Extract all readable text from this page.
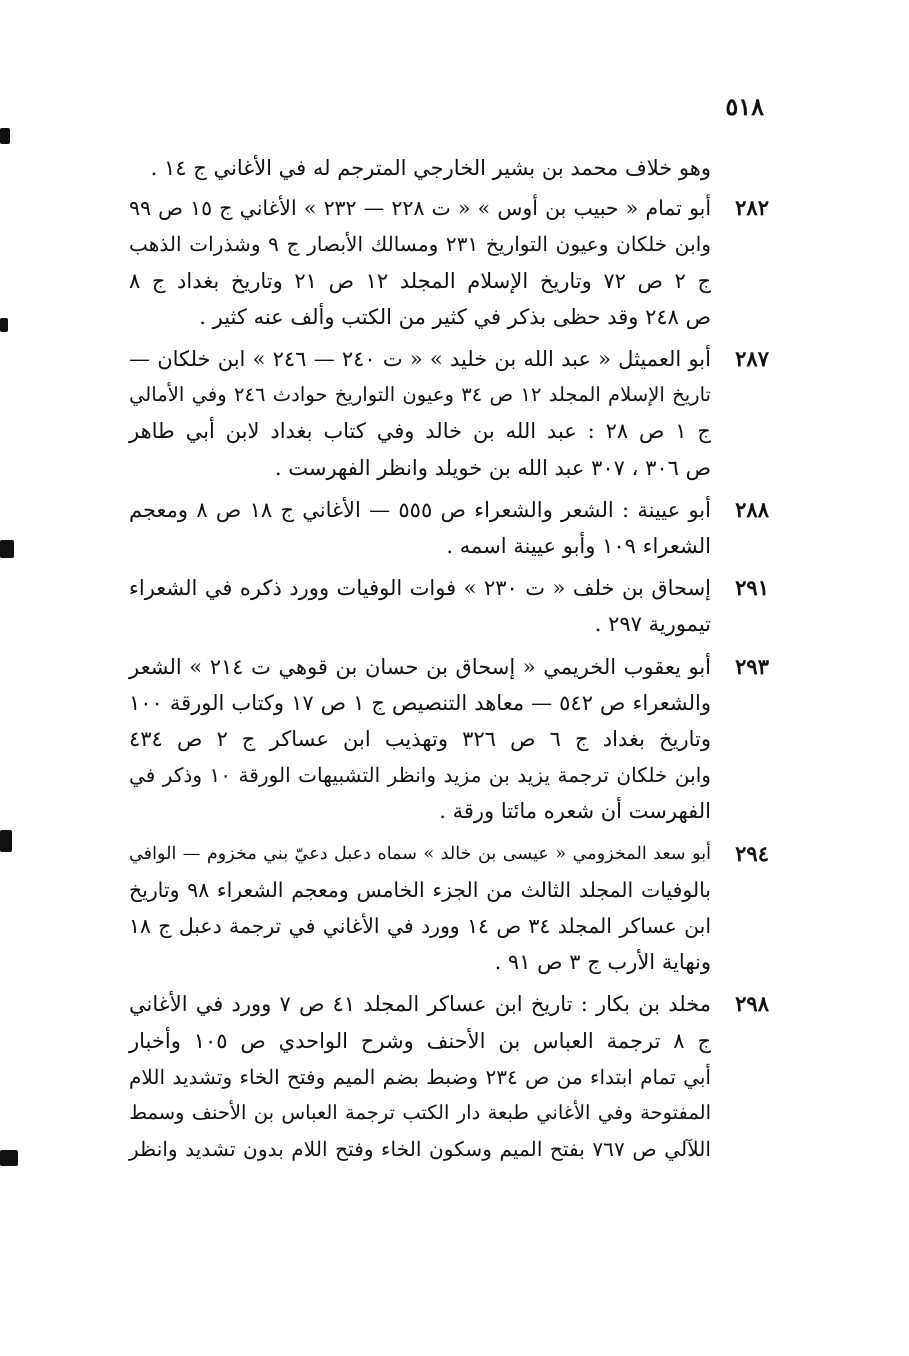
٥١٨
وهو خلاف محمد بن بشير الخارجي المترجم له في الأغاني ج ١٤ .
٢٨٢
أبو تمام « حبيب بن أوس » « ت ٢٢٨ — ٢٣٢ » الأغاني ج ١٥ ص ٩٩
وابن خلكان وعيون التواريخ ٢٣١ ومسالك الأبصار ج ٩ وشذرات الذهب
ج ٢ ص ٧٢ وتاريخ الإسلام المجلد ١٢ ص ٢١ وتاريخ بغداد ج ٨
ص ٢٤٨ وقد حظى بذكر في كثير من الكتب وألف عنه كثير .
٢٨٧
أبو العميثل « عبد الله بن خليد » « ت ٢٤٠ — ٢٤٦ » ابن خلكان —
تاريخ الإسلام المجلد ١٢ ص ٣٤ وعيون التواريخ حوادث ٢٤٦ وفي الأمالي
ج ١ ص ٢٨ : عبد الله بن خالد وفي كتاب بغداد لابن أبي طاهر
ص ٣٠٦ ، ٣٠٧ عبد الله بن خويلد وانظر الفهرست .
٢٨٨
أبو عيينة : الشعر والشعراء ص ٥٥٥ — الأغاني ج ١٨ ص ٨ ومعجم
الشعراء ١٠٩ وأبو عيينة اسمه .
٢٩١
إسحاق بن خلف « ت ٢٣٠ » فوات الوفيات وورد ذكره في الشعراء
تيمورية ٢٩٧ .
٢٩٣
أبو يعقوب الخريمي « إسحاق بن حسان بن قوهي ت ٢١٤ » الشعر
والشعراء ص ٥٤٢ — معاهد التنصيص ج ١ ص ١٧ وكتاب الورقة ١٠٠
وتاريخ بغداد ج ٦ ص ٣٢٦ وتهذيب ابن عساكر ج ٢ ص ٤٣٤
وابن خلكان ترجمة يزيد بن مزيد وانظر التشبيهات الورقة ١٠ وذكر في
الفهرست أن شعره مائتا ورقة .
٢٩٤
أبو سعد المخزومي « عيسى بن خالد » سماه دعبل دعيّ بني مخزوم — الوافي
بالوفيات المجلد الثالث من الجزء الخامس ومعجم الشعراء ٩٨ وتاريخ
ابن عساكر المجلد ٣٤ ص ١٤ وورد في الأغاني في ترجمة دعبل ج ١٨
ونهاية الأرب ج ٣ ص ٩١ .
٢٩٨
مخلد بن بكار : تاريخ ابن عساكر المجلد ٤١ ص ٧ وورد في الأغاني
ج ٨ ترجمة العباس بن الأحنف وشرح الواحدي ص ١٠٥ وأخبار
أبي تمام ابتداء من ص ٢٣٤ وضبط بضم الميم وفتح الخاء وتشديد اللام
المفتوحة وفي الأغاني طبعة دار الكتب ترجمة العباس بن الأحنف وسمط
اللآلي ص ٧٦٧ بفتح الميم وسكون الخاء وفتح اللام بدون تشديد وانظر
